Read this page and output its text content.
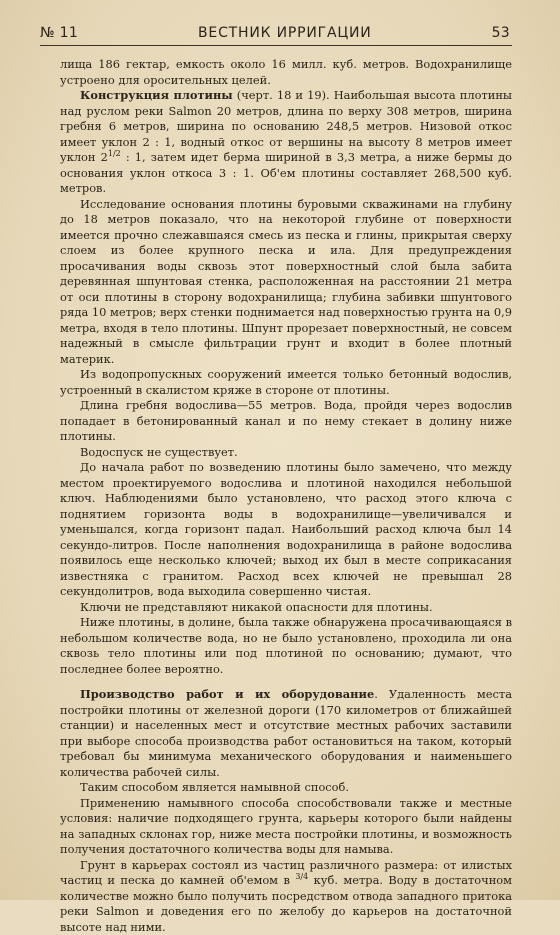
№ 11	ВЕСТНИК ИРРИГАЦИИ	53

лища 186 гектар, емкость около 16 милл. куб. метров. Водохранилище устроено для оросительных целей.

Конструкция плотины (черт. 18 и 19). Наибольшая высота плотины над руслом реки Salmon 20 метров, длина по верху 308 метров, ширина гребня 6 метров, ширина по основанию 248,5 метров. Низовой откос имеет уклон 2 : 1, водный откос от вершины на высоту 8 метров имеет уклон $2^{1/2}$ : 1, затем идет берма шириной в 3,3 метра, а ниже бермы до основания уклон откоса 3 : 1. Об'ем плотины составляет 268,500 куб. метров.

Исследование основания плотины буровыми скважинами на глубину до 18 метров показало, что на некоторой глубине от поверхности имеется прочно слежавшаяся смесь из песка и глины, прикрытая сверху слоем из более крупного песка и ила. Для предупреждения просачивания воды сквозь этот поверхностный слой была забита деревянная шпунтовая стенка, расположенная на расстоянии 21 метра от оси плотины в сторону водохранилища; глубина забивки шпунтового ряда 10 метров; верх стенки поднимается над поверхностью грунта на 0,9 метра, входя в тело плотины. Шпунт прорезает поверхностный, не совсем надежный в смысле фильтрации грунт и входит в более плотный материк.

Из водопропускных сооружений имеется только бетонный водослив, устроенный в скалистом кряже в стороне от плотины.

Длина гребня водослива—55 метров. Вода, пройдя через водослив попадает в бетонированный канал и по нему стекает в долину ниже плотины.

Водоспуск не существует.

До начала работ по возведению плотины было замечено, что между местом проектируемого водослива и плотиной находился небольшой ключ. Наблюдениями было установлено, что расход этого ключа с поднятием горизонта воды в водохранилище—увеличивался и уменьшался, когда горизонт падал. Наибольший расход ключа был 14 секундо-литров. После наполнения водохранилища в районе водослива появилось еще несколько ключей; выход их был в месте соприкасания известняка с гранитом. Расход всех ключей не превышал 28 секундолитров, вода выходила совершенно чистая.

Ключи не представляют никакой опасности для плотины.

Ниже плотины, в долине, была также обнаружена просачивающаяся в небольшом количестве вода, но не было установлено, проходила ли она сквозь тело плотины или под плотиной по основанию; думают, что последнее более вероятно.

Производство работ и их оборудование. Удаленность места постройки плотины от железной дороги (170 километров от ближайшей станции) и населенных мест и отсутствие местных рабочих заставили при выборе способа производства работ остановиться на таком, который требовал бы минимума механического оборудования и наименьшего количества рабочей силы.

Таким способом является намывной способ.

Применению намывного способа способствовали также и местные условия: наличие подходящего грунта, карьеры которого были найдены на западных склонах гор, ниже места постройки плотины, и возможность получения достаточного количества воды для намыва.

Грунт в карьерах состоял из частиц различного размера: от илистых частиц и песка до камней об'емом в $^{3/4}$ куб. метра. Воду в достаточном количестве можно было получить посредством отвода западного притока реки Salmon и доведения его по желобу до карьеров на достаточной высоте над ними.
